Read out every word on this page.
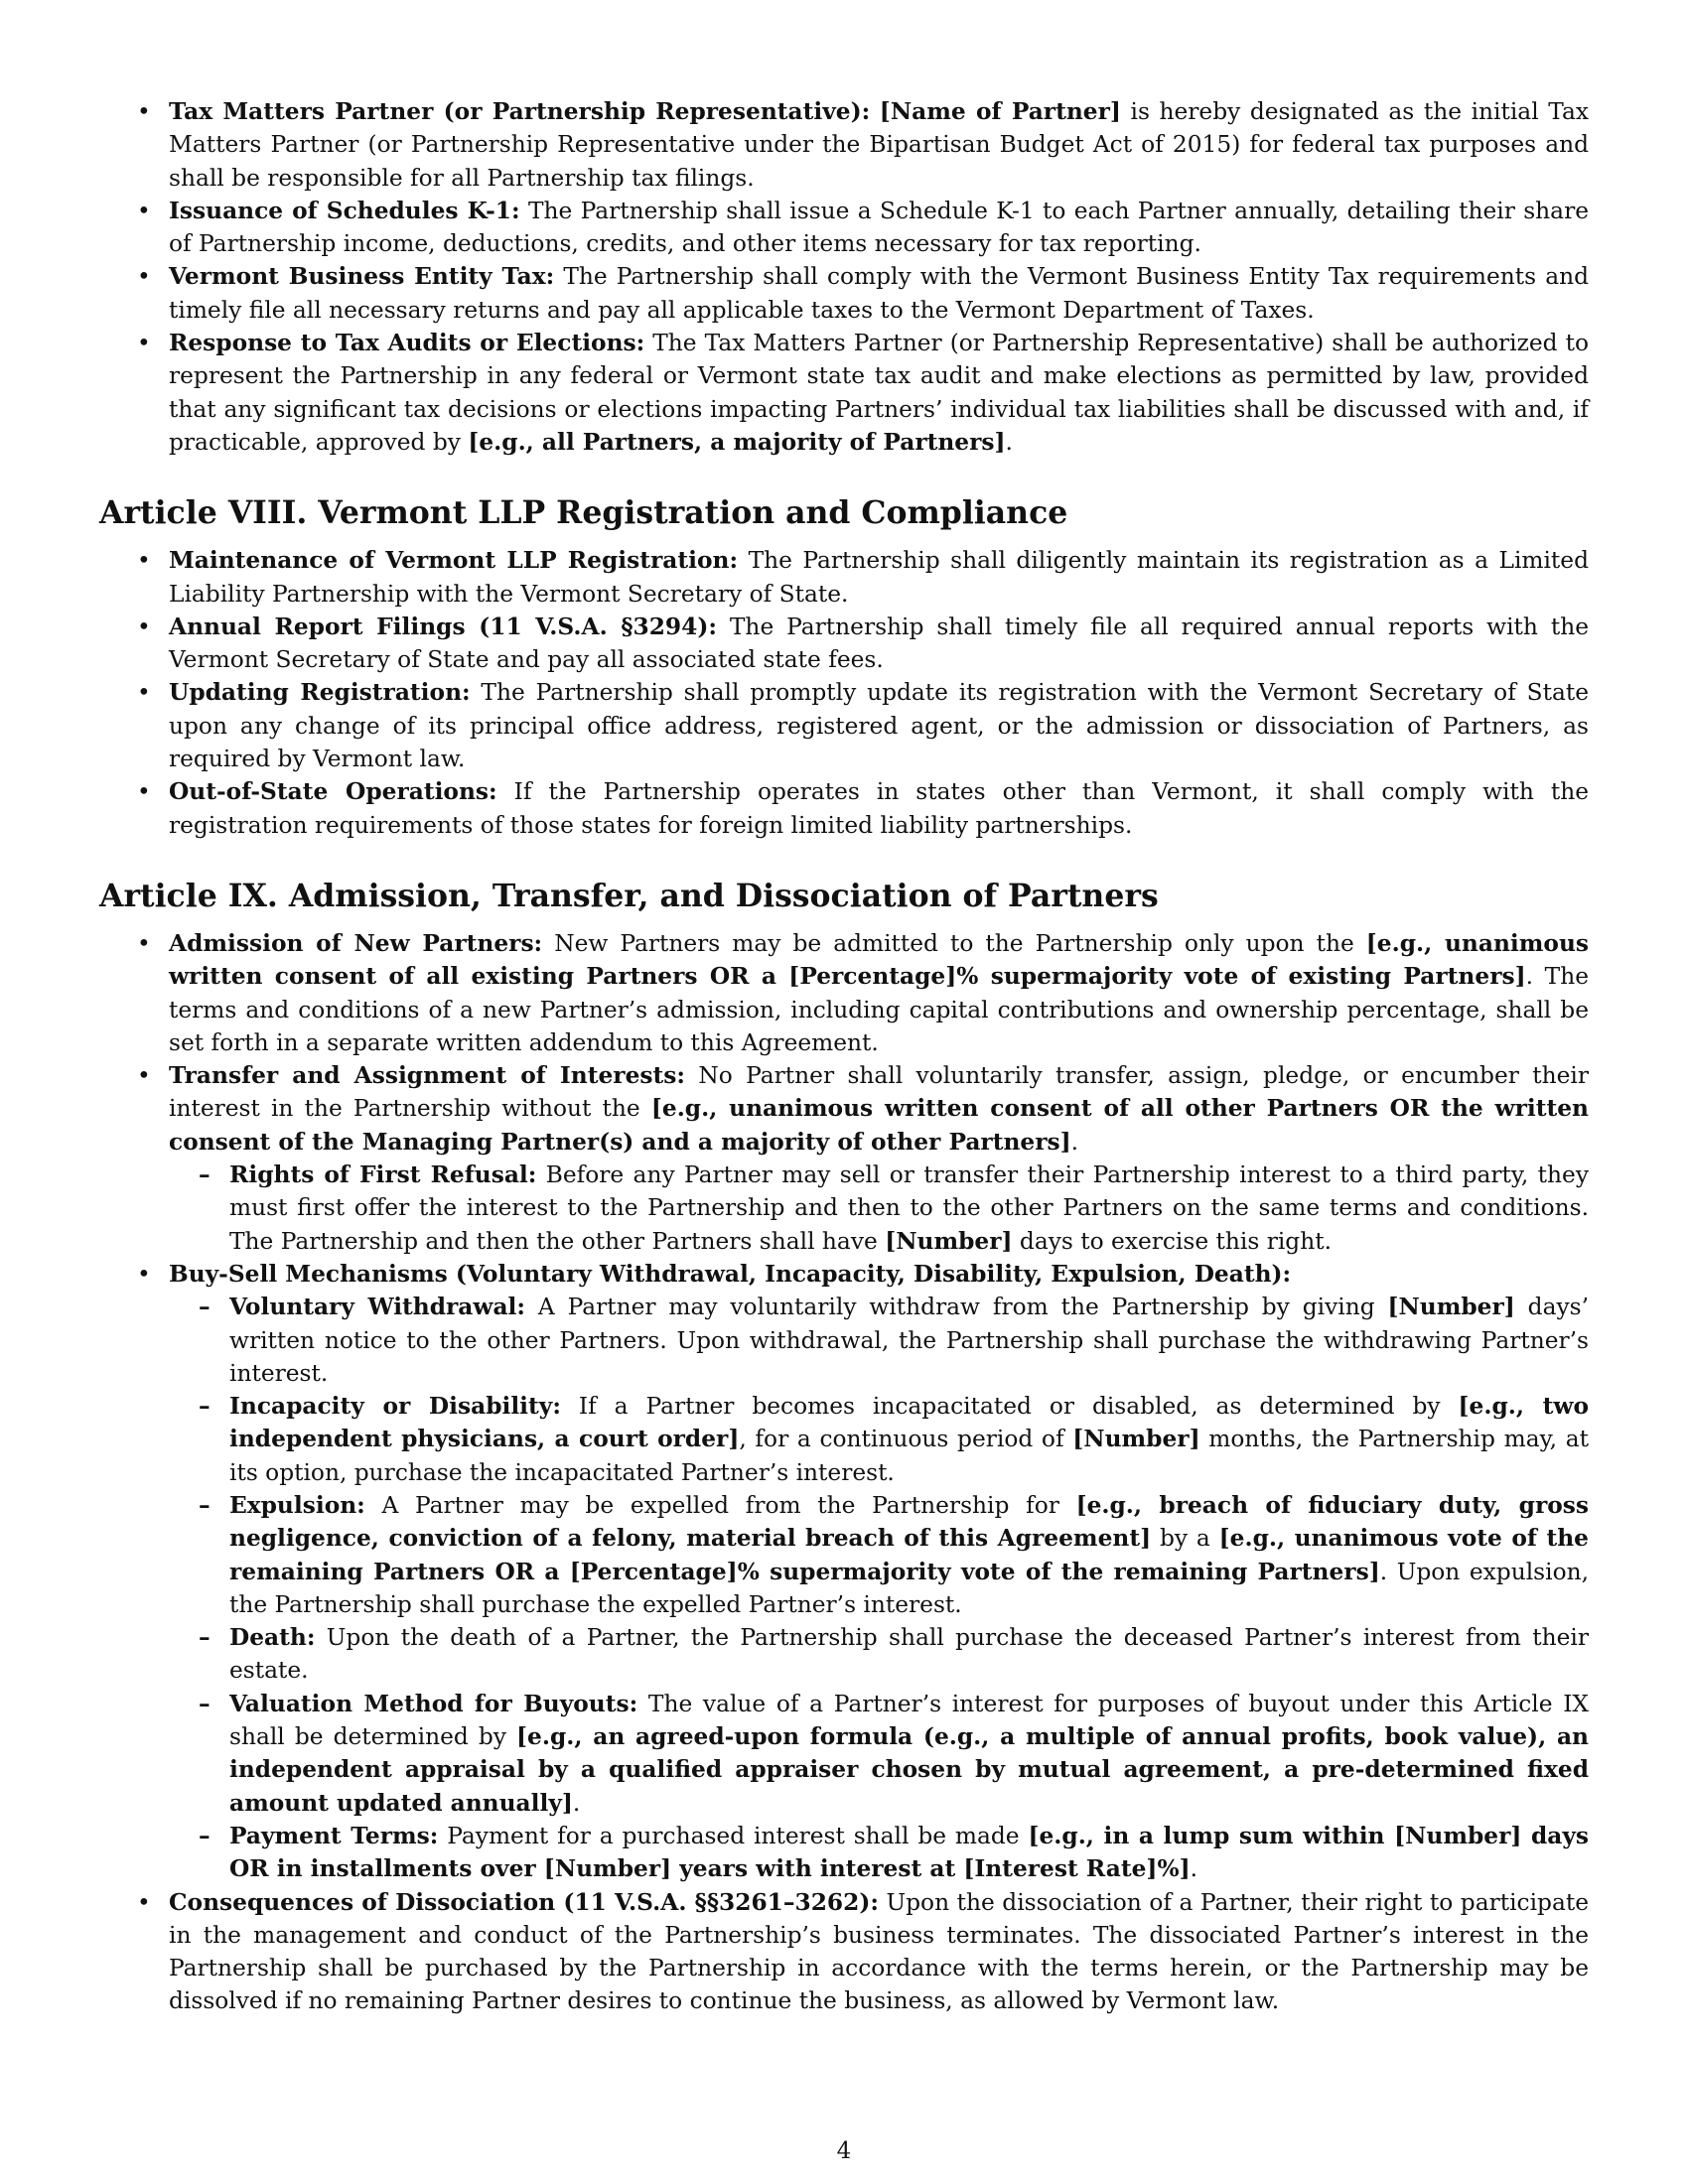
• Tax Matters Partner (or Partnership Representative): [Name of Partner] is hereby designated as the initial Tax Matters Partner (or Partnership Representative under the Bipartisan Budget Act of 2015) for federal tax purposes and shall be responsible for all Partnership tax filings.
• Issuance of Schedules K-1: The Partnership shall issue a Schedule K-1 to each Partner annually, detailing their share of Partnership income, deductions, credits, and other items necessary for tax reporting.
• Vermont Business Entity Tax: The Partnership shall comply with the Vermont Business Entity Tax requirements and timely file all necessary returns and pay all applicable taxes to the Vermont Department of Taxes.
• Response to Tax Audits or Elections: The Tax Matters Partner (or Partnership Representative) shall be authorized to represent the Partnership in any federal or Vermont state tax audit and make elections as permitted by law, provided that any significant tax decisions or elections impacting Partners’ individual tax liabilities shall be discussed with and, if practicable, approved by [e.g., all Partners, a majority of Partners].
Article VIII. Vermont LLP Registration and Compliance
• Maintenance of Vermont LLP Registration: The Partnership shall diligently maintain its registration as a Limited Liability Partnership with the Vermont Secretary of State.
• Annual Report Filings (11 V.S.A. §3294): The Partnership shall timely file all required annual reports with the Vermont Secretary of State and pay all associated state fees.
• Updating Registration: The Partnership shall promptly update its registration with the Vermont Secretary of State upon any change of its principal office address, registered agent, or the admission or dissociation of Partners, as required by Vermont law.
• Out-of-State Operations: If the Partnership operates in states other than Vermont, it shall comply with the registration requirements of those states for foreign limited liability partnerships.
Article IX. Admission, Transfer, and Dissociation of Partners
• Admission of New Partners: New Partners may be admitted to the Partnership only upon the [e.g., unanimous written consent of all existing Partners OR a [Percentage]% supermajority vote of existing Partners]. The terms and conditions of a new Partner’s admission, including capital contributions and ownership percentage, shall be set forth in a separate written addendum to this Agreement.
• Transfer and Assignment of Interests: No Partner shall voluntarily transfer, assign, pledge, or encumber their interest in the Partnership without the [e.g., unanimous written consent of all other Partners OR the written consent of the Managing Partner(s) and a majority of other Partners].
– Rights of First Refusal: Before any Partner may sell or transfer their Partnership interest to a third party, they must first offer the interest to the Partnership and then to the other Partners on the same terms and conditions. The Partnership and then the other Partners shall have [Number] days to exercise this right.
• Buy-Sell Mechanisms (Voluntary Withdrawal, Incapacity, Disability, Expulsion, Death):
– Voluntary Withdrawal: A Partner may voluntarily withdraw from the Partnership by giving [Number] days’ written notice to the other Partners. Upon withdrawal, the Partnership shall purchase the withdrawing Partner’s interest.
– Incapacity or Disability: If a Partner becomes incapacitated or disabled, as determined by [e.g., two independent physicians, a court order], for a continuous period of [Number] months, the Partnership may, at its option, purchase the incapacitated Partner’s interest.
– Expulsion: A Partner may be expelled from the Partnership for [e.g., breach of fiduciary duty, gross negligence, conviction of a felony, material breach of this Agreement] by a [e.g., unanimous vote of the remaining Partners OR a [Percentage]% supermajority vote of the remaining Partners]. Upon expulsion, the Partnership shall purchase the expelled Partner’s interest.
– Death: Upon the death of a Partner, the Partnership shall purchase the deceased Partner’s interest from their estate.
– Valuation Method for Buyouts: The value of a Partner’s interest for purposes of buyout under this Article IX shall be determined by [e.g., an agreed-upon formula (e.g., a multiple of annual profits, book value), an independent appraisal by a qualified appraiser chosen by mutual agreement, a pre-determined fixed amount updated annually].
– Payment Terms: Payment for a purchased interest shall be made [e.g., in a lump sum within [Number] days OR in installments over [Number] years with interest at [Interest Rate]%].
• Consequences of Dissociation (11 V.S.A. §§3261–3262): Upon the dissociation of a Partner, their right to participate in the management and conduct of the Partnership’s business terminates. The dissociated Partner’s interest in the Partnership shall be purchased by the Partnership in accordance with the terms herein, or the Partnership may be dissolved if no remaining Partner desires to continue the business, as allowed by Vermont law.
4
